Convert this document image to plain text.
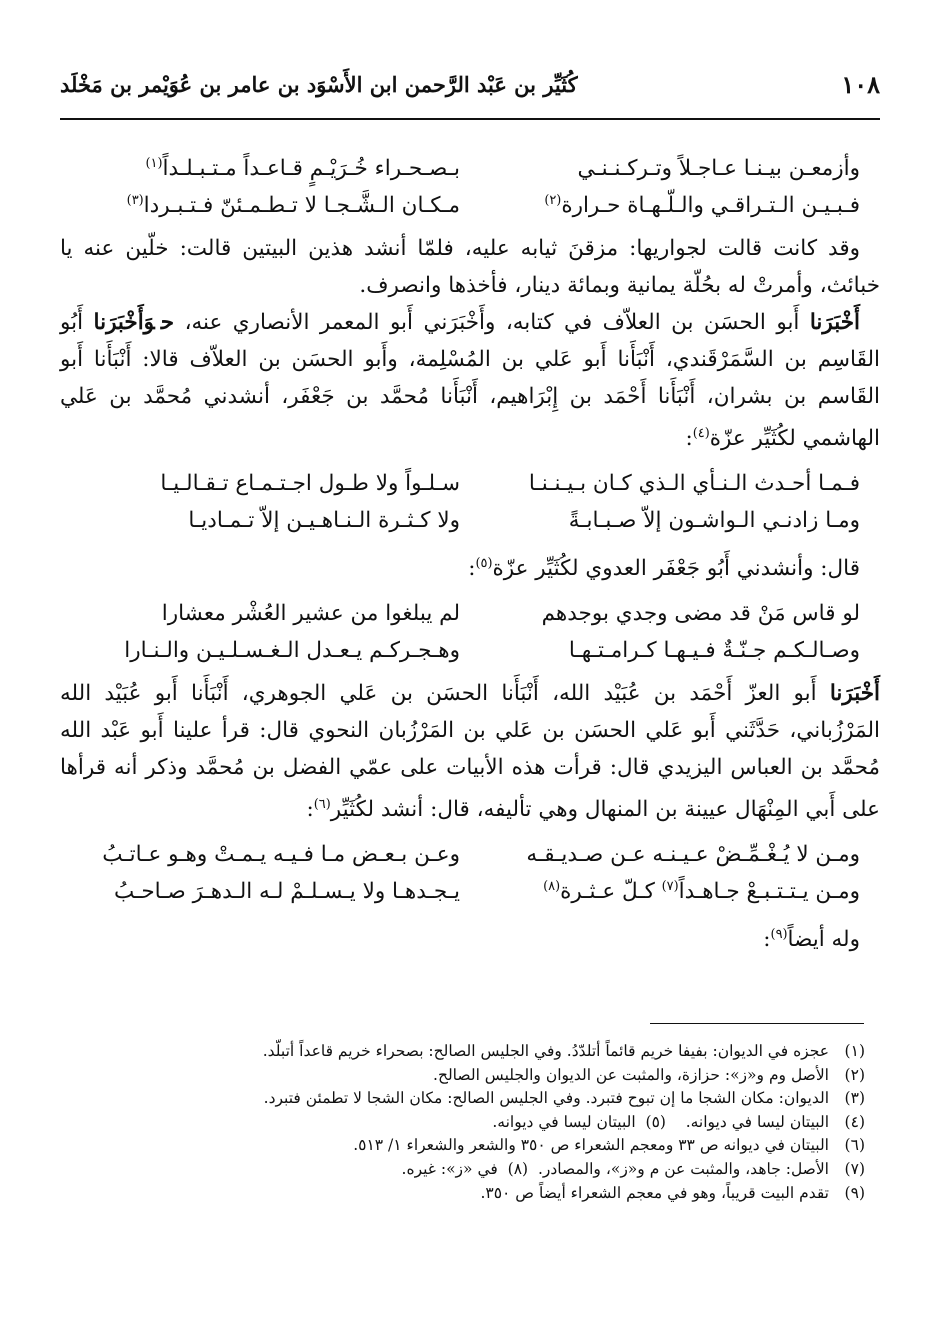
١٠٨
كُثَيِّر بن عَبْد الرَّحمن ابن الأَسْوَد بن عامر بن عُوَيْمر بن مَخْلَد
وأزمعـن بيـنـا عـاجـلاً وتـركـنـنـي
بـصـحـراء خُـرَيْـمٍ قـاعـداً مـتـبـلـداً$^{(١)}$
فـبـيـن الـتـراقـي والـلّـهـاة حـرارة$^{(٢)}$
مـكـان الـشَّـجـا لا تـطـمـئنّ فـتـبـردا$^{(٣)}$

وقد كانت قالت لجواريها: مزقنَ ثيابه عليه، فلمّا أنشد هذين البيتين قالت: خلّين عنه يا خبائث، وأمرتْ له بحُلّة يمانية وبمائة دينار، فأخذها وانصرف.

أَخْبَرَنا أَبو الحسَن بن العلاّف في كتابه، وأَخْبَرَني أَبو المعمر الأنصاري عنه، حوَأَخْبَرَنا أَبُو القَاسِم بن السَّمَرْقَندي، أَنْبَأَنا أَبو عَلي بن المُسْلِمة، وأَبو الحسَن بن العلاّف قالا: أَنْبَأَنا أَبو القَاسم بن بشران، أَنْبَأَنا أَحْمَد بن إِبْرَاهيم، أَنْبَأَنا مُحمَّد بن جَعْفَر، أنشدني مُحمَّد بن عَلي الهاشمي لكُثَيِّر عزّة$^{(٤)}$:

فـمـا أحـدث الـنـأي الـذي كـان بـيـنـنـا
سـلـواً ولا طـول اجـتـمـاع تـقـالـيـا
ومـا زادنـي الـواشـون إلاّ صـبـابـةً
ولا كـثـرة الـنـاهـيـن إلاّ تـمـاديـا

قال: وأنشدني أَبُو جَعْفَر العدوي لكُثَيِّر عزّة$^{(٥)}$:

لو قاس مَنْ قد مضى وجدي بوجدهم
لم يبلغوا من عشير العُشْر معشارا
وصـالـكـم جـنّـةٌ فـيـهـا كـرامـتـهـا
وهـجـركـم يـعـدل الـغـسـلـيـن والـنـارا

أَخْبَرَنا أَبو العزّ أَحْمَد بن عُبَيْد الله، أَنْبَأَنا الحسَن بن عَلي الجوهري، أَنْبَأَنا أَبو عُبَيْد الله المَرْزُباني، حَدَّثَني أَبو عَلي الحسَن بن عَلي بن المَرْزُبان النحوي قال: قرأ علينا أَبو عَبْد الله مُحمَّد بن العباس اليزيدي قال: قرأت هذه الأبيات على عمّي الفضل بن مُحمَّد وذكر أنه قرأها على أَبي المِنْهَال عيينة بن المنهال وهي تأليفه، قال: أنشد لكُثَيِّر$^{(٦)}$:

ومـن لا يُـغْـمِّـضْ عـيـنـه عـن صـديـقـه
وعـن بـعـض مـا فـيـه يـمـتْ وهـو عـاتـبُ
ومـن يـتـتـبـعْ جـاهـداً$^{(٧)}$ كـلّ عـثـرة$^{(٨)}$
يـجـدهـا ولا يـسـلـمْ لـه الـدهـرَ صـاحـبُ

وله أيضاً$^{(٩)}$:

(١)عجزه في الديوان: بفيفا خريم قائماً أتلدّدُ. وفي الجليس الصالح: بصحراء خريم قاعداً أتبلّد.
(٢)الأصل وم و«ز»: حزازة، والمثبت عن الديوان والجليس الصالح.
(٣)الديوان: مكان الشجا ما إن تبوح فتبرد. وفي الجليس الصالح: مكان الشجا لا تطمئن فتبرد.
(٤)البيتان ليسا في ديوانه.    (٥)  البيتان ليسا في ديوانه.
(٦)البيتان في ديوانه ص ٣٣ ومعجم الشعراء ص ٣٥٠ والشعر والشعراء ١/ ٥١٣.
(٧)الأصل: جاهد، والمثبت عن م و«ز»، والمصادر.  (٨)  في «ز»: غيره.
(٩)تقدم البيت قريباً، وهو في معجم الشعراء أيضاً ص ٣٥٠.
